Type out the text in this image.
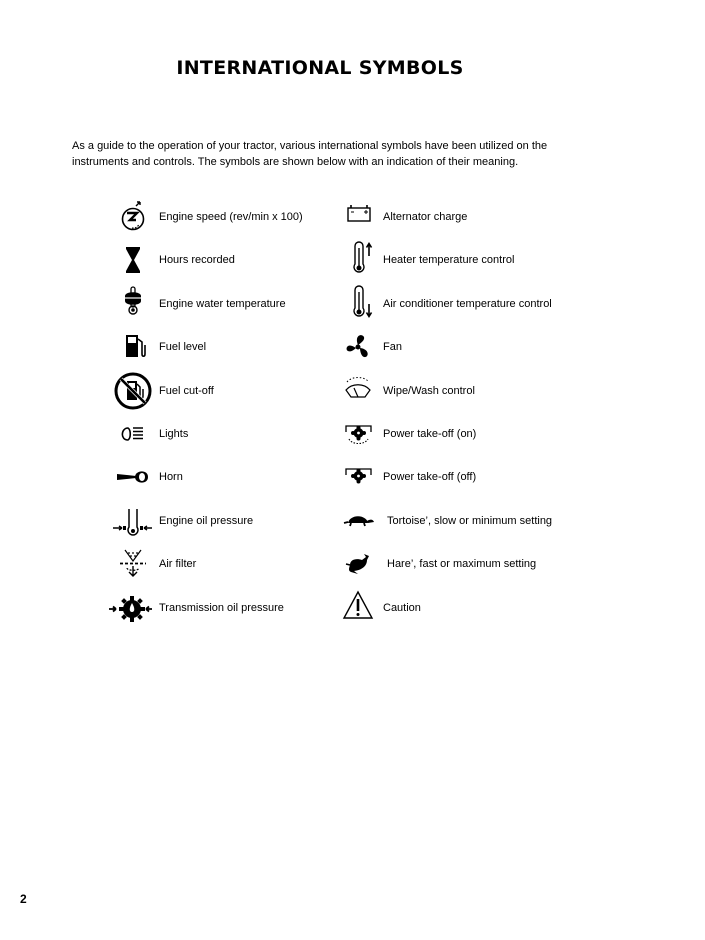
INTERNATIONAL SYMBOLS

As a guide to the operation of your tractor, various international symbols have been utilized on the

instruments and controls. The symbols are shown below with an indication of their meaning.

Engine speed (rev/min x 100)
Hours recorded
Engine water temperature
Fuel level
Fuel cut-off
Lights
Horn
Engine oil pressure
Air filter
Transmission oil pressure
Alternator charge
Heater temperature control
Air conditioner temperature control
Fan
Wipe/Wash control
Power take-off (on)
Power take-off (off)
Tortoise’, slow or minimum setting
Hare’, fast or maximum setting
Caution
2
